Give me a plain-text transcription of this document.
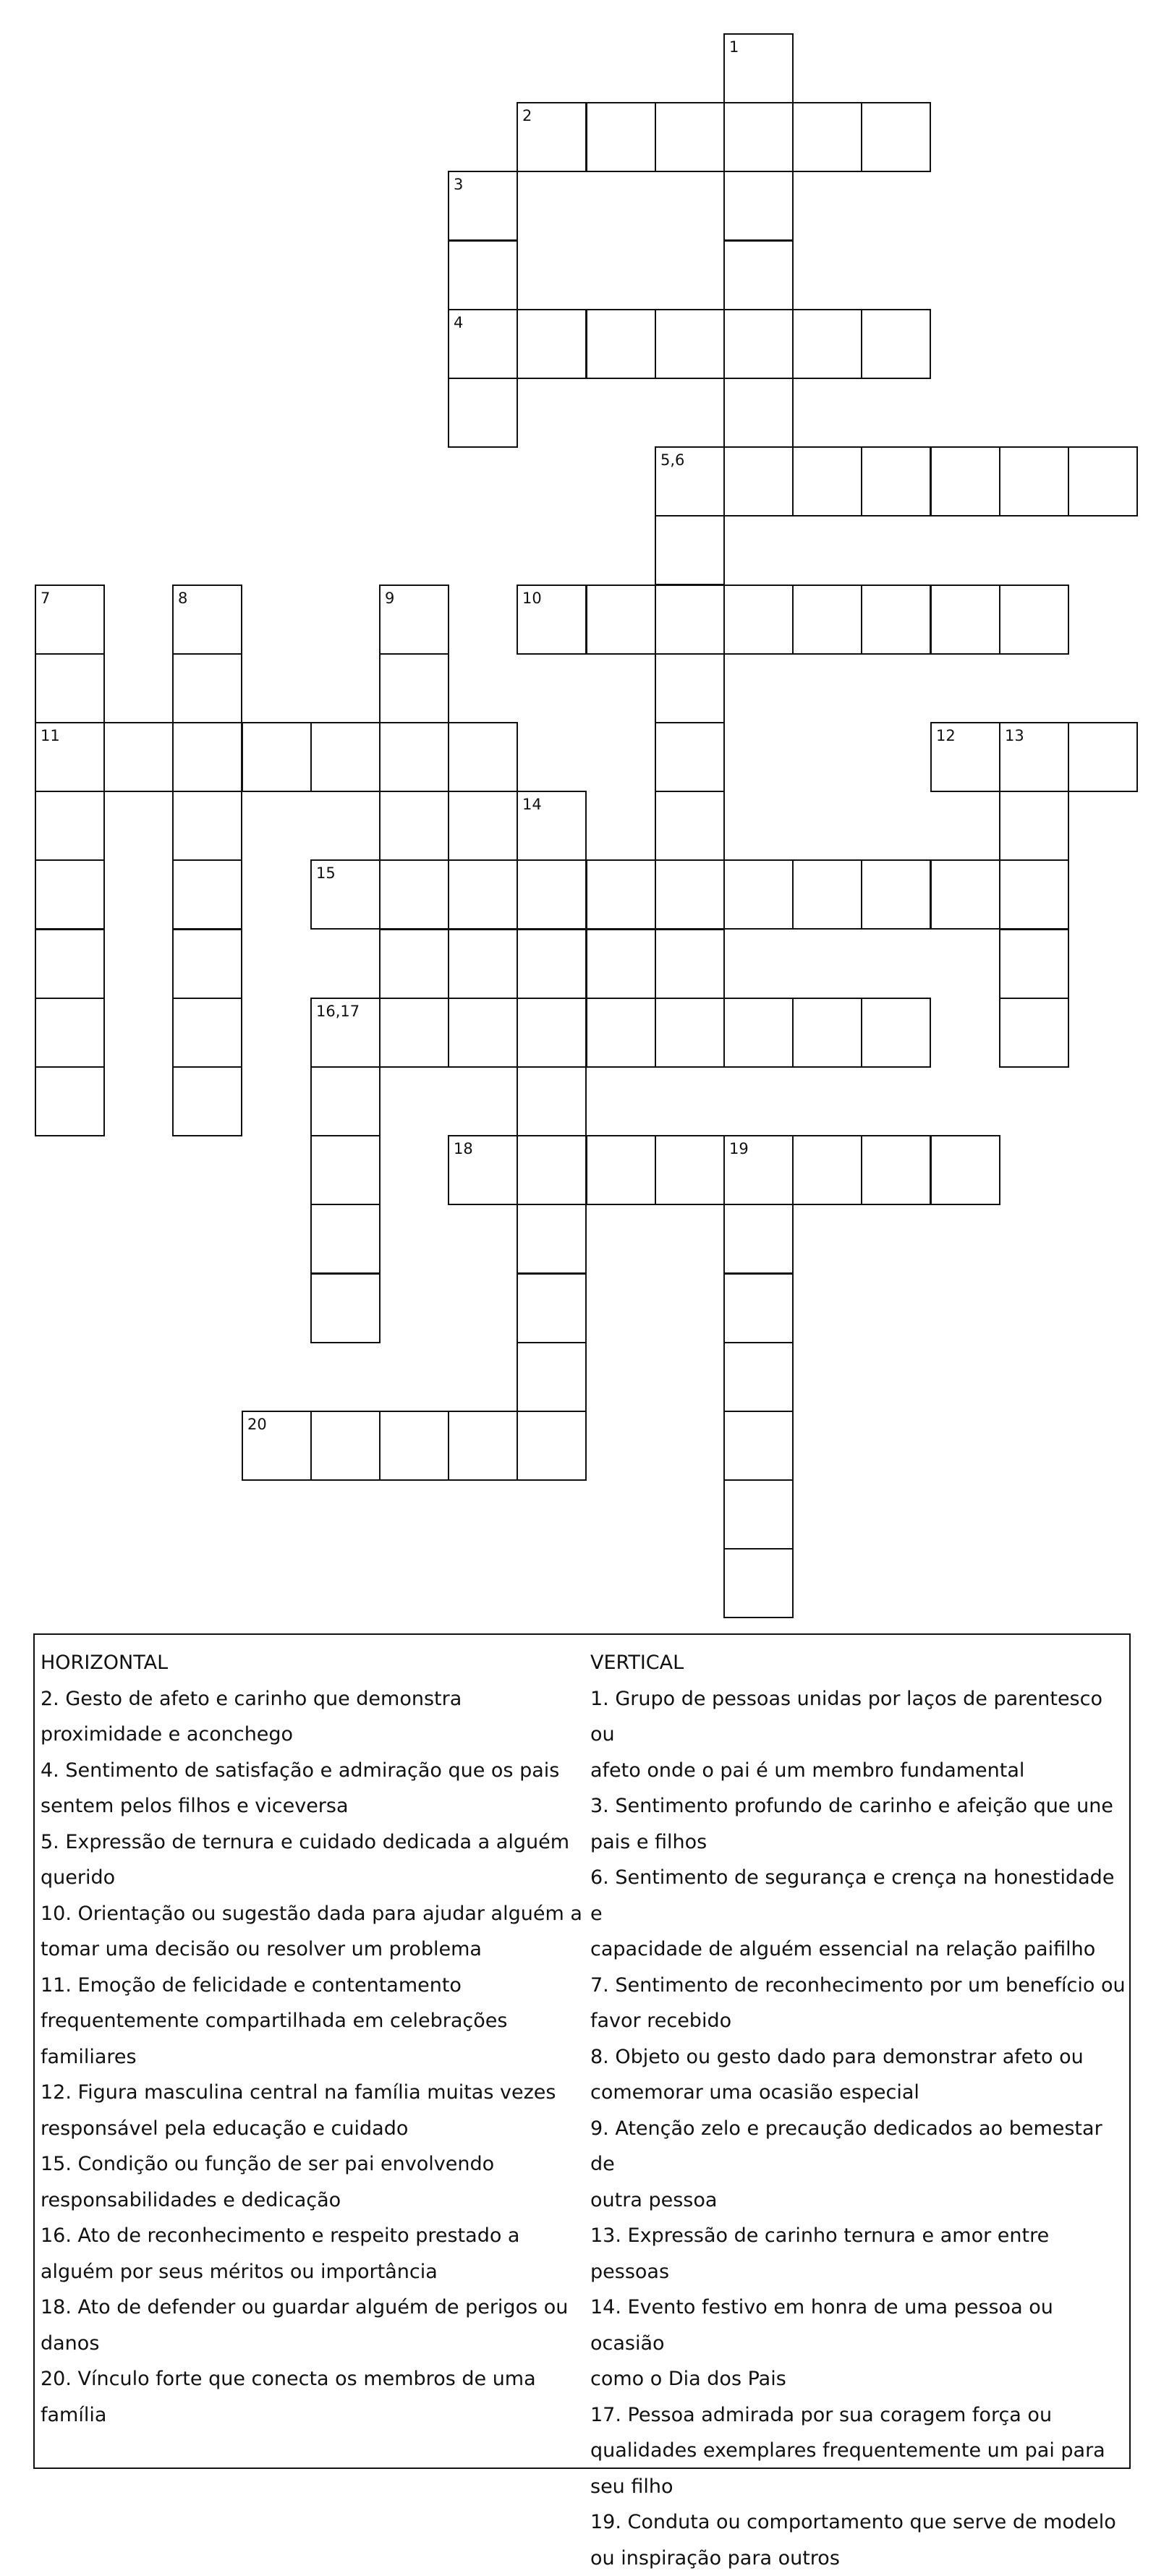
1
2
3
4
5,6
7	8	9	10
11	12	13
14
15
16,17
18	19
20
HORIZONTAL
2. Gesto de afeto e carinho que demonstra
proximidade e aconchego
4. Sentimento de satisfação e admiração que os pais
sentem pelos filhos e viceversa
5. Expressão de ternura e cuidado dedicada a alguém
querido
10. Orientação ou sugestão dada para ajudar alguém a
tomar uma decisão ou resolver um problema
11. Emoção de felicidade e contentamento
frequentemente compartilhada em celebrações
familiares
12. Figura masculina central na família muitas vezes
responsável pela educação e cuidado
15. Condição ou função de ser pai envolvendo
responsabilidades e dedicação
16. Ato de reconhecimento e respeito prestado a
alguém por seus méritos ou importância
18. Ato de defender ou guardar alguém de perigos ou
danos
20. Vínculo forte que conecta os membros de uma
família
VERTICAL
1. Grupo de pessoas unidas por laços de parentesco ou
afeto onde o pai é um membro fundamental
3. Sentimento profundo de carinho e afeição que une
pais e filhos
6. Sentimento de segurança e crença na honestidade e
capacidade de alguém essencial na relação paifilho
7. Sentimento de reconhecimento por um benefício ou
favor recebido
8. Objeto ou gesto dado para demonstrar afeto ou
comemorar uma ocasião especial
9. Atenção zelo e precaução dedicados ao bemestar de
outra pessoa
13. Expressão de carinho ternura e amor entre
pessoas
14. Evento festivo em honra de uma pessoa ou ocasião
como o Dia dos Pais
17. Pessoa admirada por sua coragem força ou
qualidades exemplares frequentemente um pai para
seu filho
19. Conduta ou comportamento que serve de modelo
ou inspiração para outros
